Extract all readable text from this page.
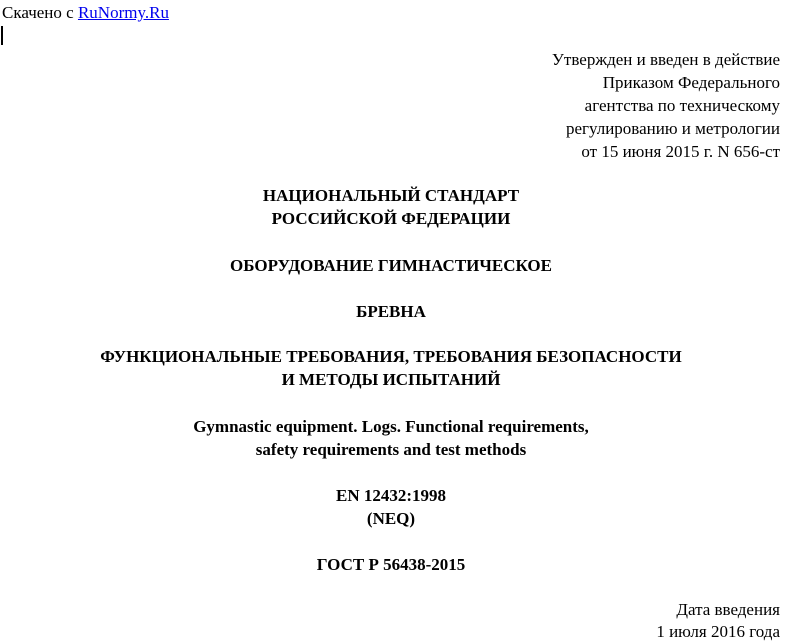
Скачено с RuNormy.Ru
Утвержден и введен в действие
Приказом Федерального
агентства по техническому
регулированию и метрологии
от 15 июня 2015 г. N 656-ст
НАЦИОНАЛЬНЫЙ СТАНДАРТ
РОССИЙСКОЙ ФЕДЕРАЦИИ
ОБОРУДОВАНИЕ ГИМНАСТИЧЕСКОЕ
БРЕВНА
ФУНКЦИОНАЛЬНЫЕ ТРЕБОВАНИЯ, ТРЕБОВАНИЯ БЕЗОПАСНОСТИ
И МЕТОДЫ ИСПЫТАНИЙ
Gymnastic equipment. Logs. Functional requirements,
safety requirements and test methods
EN 12432:1998
(NEQ)
ГОСТ Р 56438-2015
Дата введения
1 июля 2016 года
